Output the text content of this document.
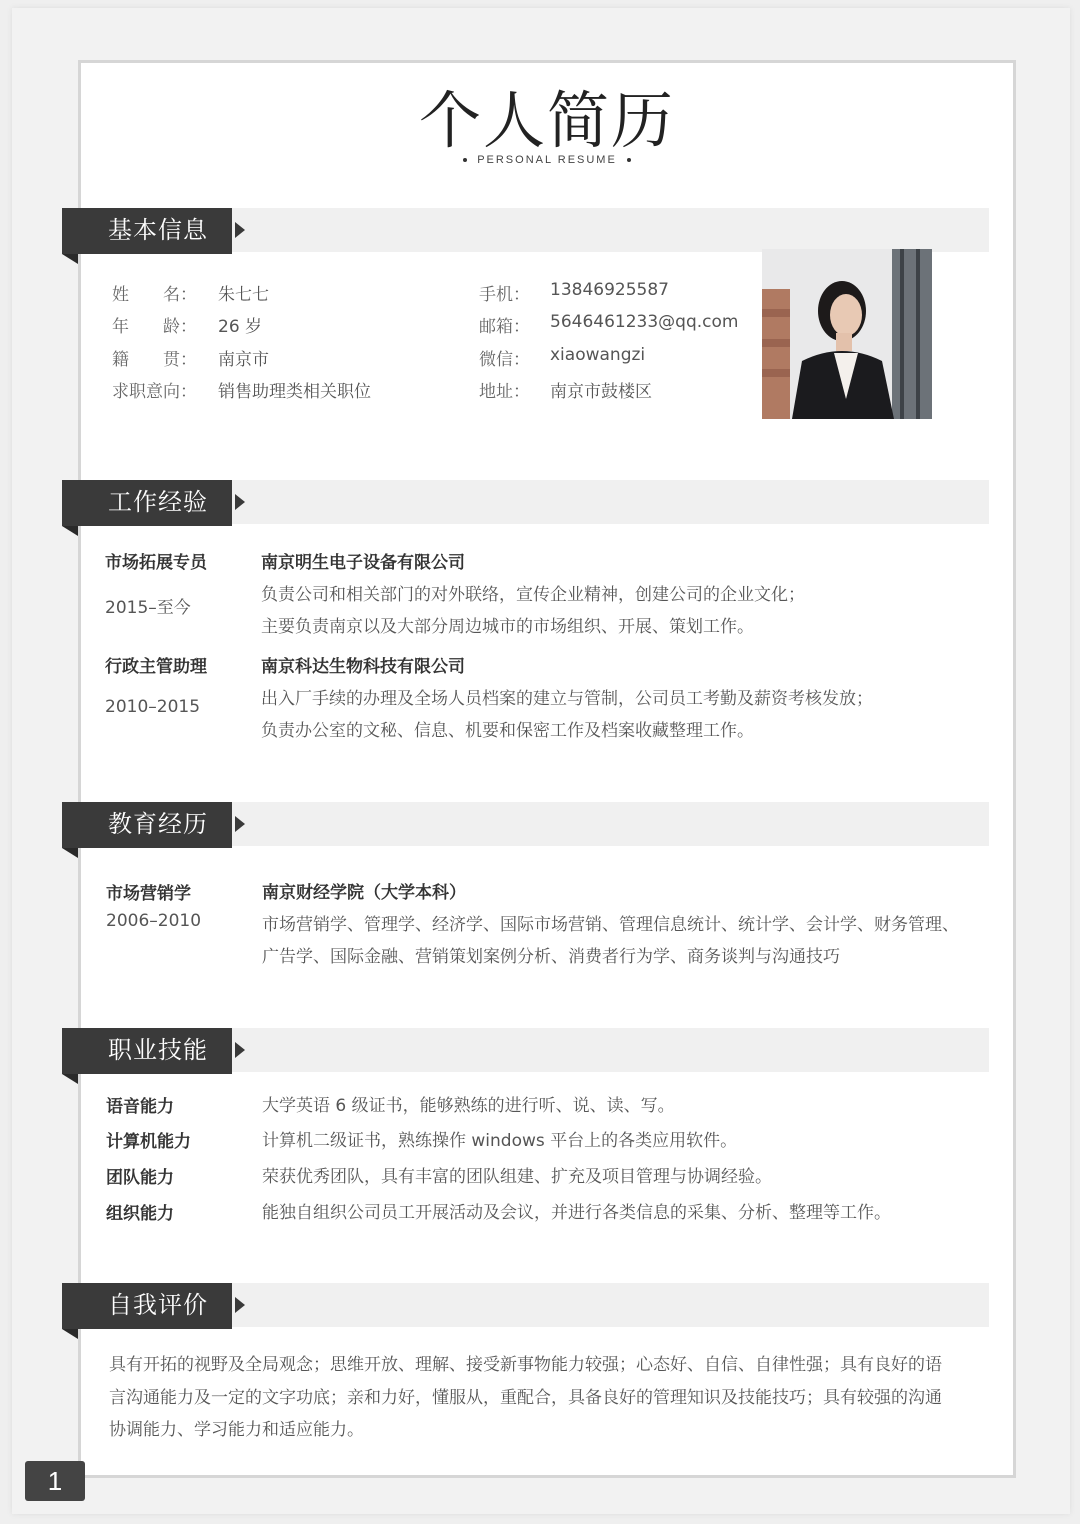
个人简历
PERSONAL RESUME
基本信息
姓　　名： 朱七七
年　　龄： 26 岁
籍　　贯： 南京市
求职意向： 销售助理类相关职位
手机： 13846925587
邮箱： 5646461233@qq.com
微信： xiaowangzi
地址： 南京市鼓楼区
工作经验
市场拓展专员
2015–至今
南京明生电子设备有限公司
负责公司和相关部门的对外联络，宣传企业精神，创建公司的企业文化；
主要负责南京以及大部分周边城市的市场组织、开展、策划工作。
行政主管助理
2010–2015
南京科达生物科技有限公司
出入厂手续的办理及全场人员档案的建立与管制，公司员工考勤及薪资考核发放；
负责办公室的文秘、信息、机要和保密工作及档案收藏整理工作。
教育经历
市场营销学
2006–2010
南京财经学院（大学本科）
市场营销学、管理学、经济学、国际市场营销、管理信息统计、统计学、会计学、财务管理、
广告学、国际金融、营销策划案例分析、消费者行为学、商务谈判与沟通技巧
职业技能
语音能力	大学英语 6 级证书，能够熟练的进行听、说、读、写。
计算机能力	计算机二级证书，熟练操作 windows 平台上的各类应用软件。
团队能力	荣获优秀团队，具有丰富的团队组建、扩充及项目管理与协调经验。
组织能力	能独自组织公司员工开展活动及会议，并进行各类信息的采集、分析、整理等工作。
自我评价
具有开拓的视野及全局观念；思维开放、理解、接受新事物能力较强；心态好、自信、自律性强；具有良好的语
言沟通能力及一定的文字功底；亲和力好，懂服从，重配合，具备良好的管理知识及技能技巧；具有较强的沟通
协调能力、学习能力和适应能力。
1
